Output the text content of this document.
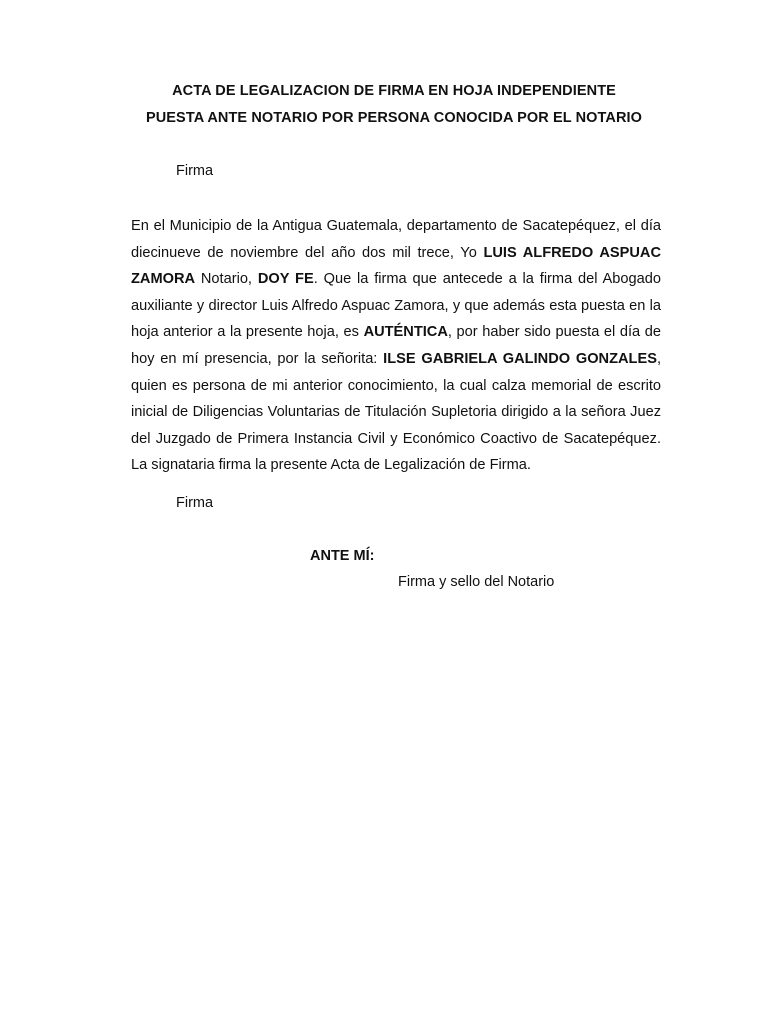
ACTA DE LEGALIZACION DE FIRMA EN HOJA INDEPENDIENTE
PUESTA ANTE NOTARIO POR PERSONA CONOCIDA POR EL NOTARIO
Firma
En el Municipio de la Antigua Guatemala, departamento de Sacatepéquez, el día diecinueve de noviembre del año dos mil trece, Yo LUIS ALFREDO ASPUAC ZAMORA Notario, DOY FE. Que la firma que antecede a la firma del Abogado auxiliante y director Luis Alfredo Aspuac Zamora, y que además esta puesta en la hoja anterior a la presente hoja, es AUTÉNTICA, por haber sido puesta el día de hoy en mí presencia, por la señorita: ILSE GABRIELA GALINDO GONZALES, quien es persona de mi anterior conocimiento, la cual calza memorial de escrito inicial de Diligencias Voluntarias de Titulación Supletoria dirigido a la señora Juez del Juzgado de Primera Instancia Civil y Económico Coactivo de Sacatepéquez. La signataria firma la presente Acta de Legalización de Firma.
Firma
ANTE MÍ:
Firma y sello del Notario
